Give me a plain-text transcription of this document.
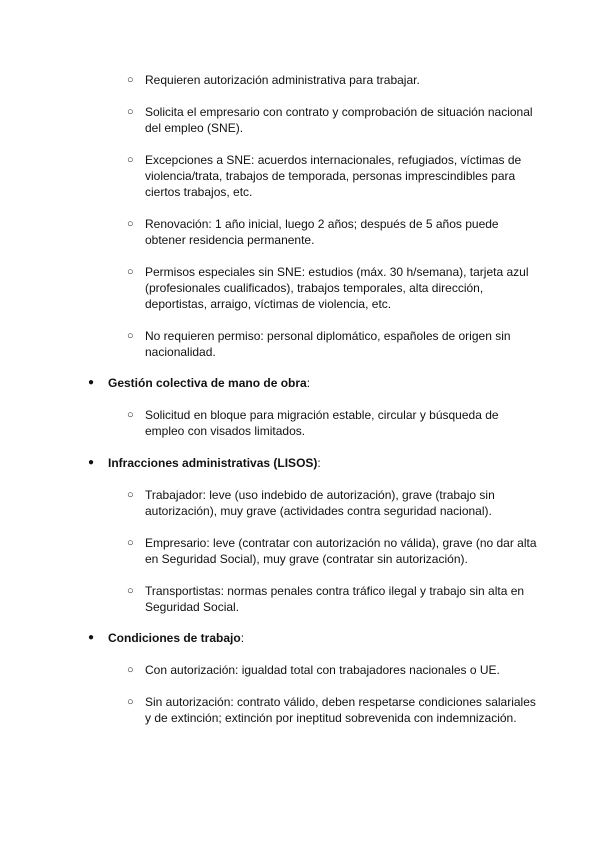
○ Requieren autorización administrativa para trabajar.
○ Solicita el empresario con contrato y comprobación de situación nacional del empleo (SNE).
○ Excepciones a SNE: acuerdos internacionales, refugiados, víctimas de violencia/trata, trabajos de temporada, personas imprescindibles para ciertos trabajos, etc.
○ Renovación: 1 año inicial, luego 2 años; después de 5 años puede obtener residencia permanente.
○ Permisos especiales sin SNE: estudios (máx. 30 h/semana), tarjeta azul (profesionales cualificados), trabajos temporales, alta dirección, deportistas, arraigo, víctimas de violencia, etc.
○ No requieren permiso: personal diplomático, españoles de origen sin nacionalidad.
●	Gestión colectiva de mano de obra:
○ Solicitud en bloque para migración estable, circular y búsqueda de empleo con visados limitados.
●	Infracciones administrativas (LISOS):
○ Trabajador: leve (uso indebido de autorización), grave (trabajo sin autorización), muy grave (actividades contra seguridad nacional).
○ Empresario: leve (contratar con autorización no válida), grave (no dar alta en Seguridad Social), muy grave (contratar sin autorización).
○ Transportistas: normas penales contra tráfico ilegal y trabajo sin alta en Seguridad Social.
●	Condiciones de trabajo:
○ Con autorización: igualdad total con trabajadores nacionales o UE.
○ Sin autorización: contrato válido, deben respetarse condiciones salariales y de extinción; extinción por ineptitud sobrevenida con indemnización.
